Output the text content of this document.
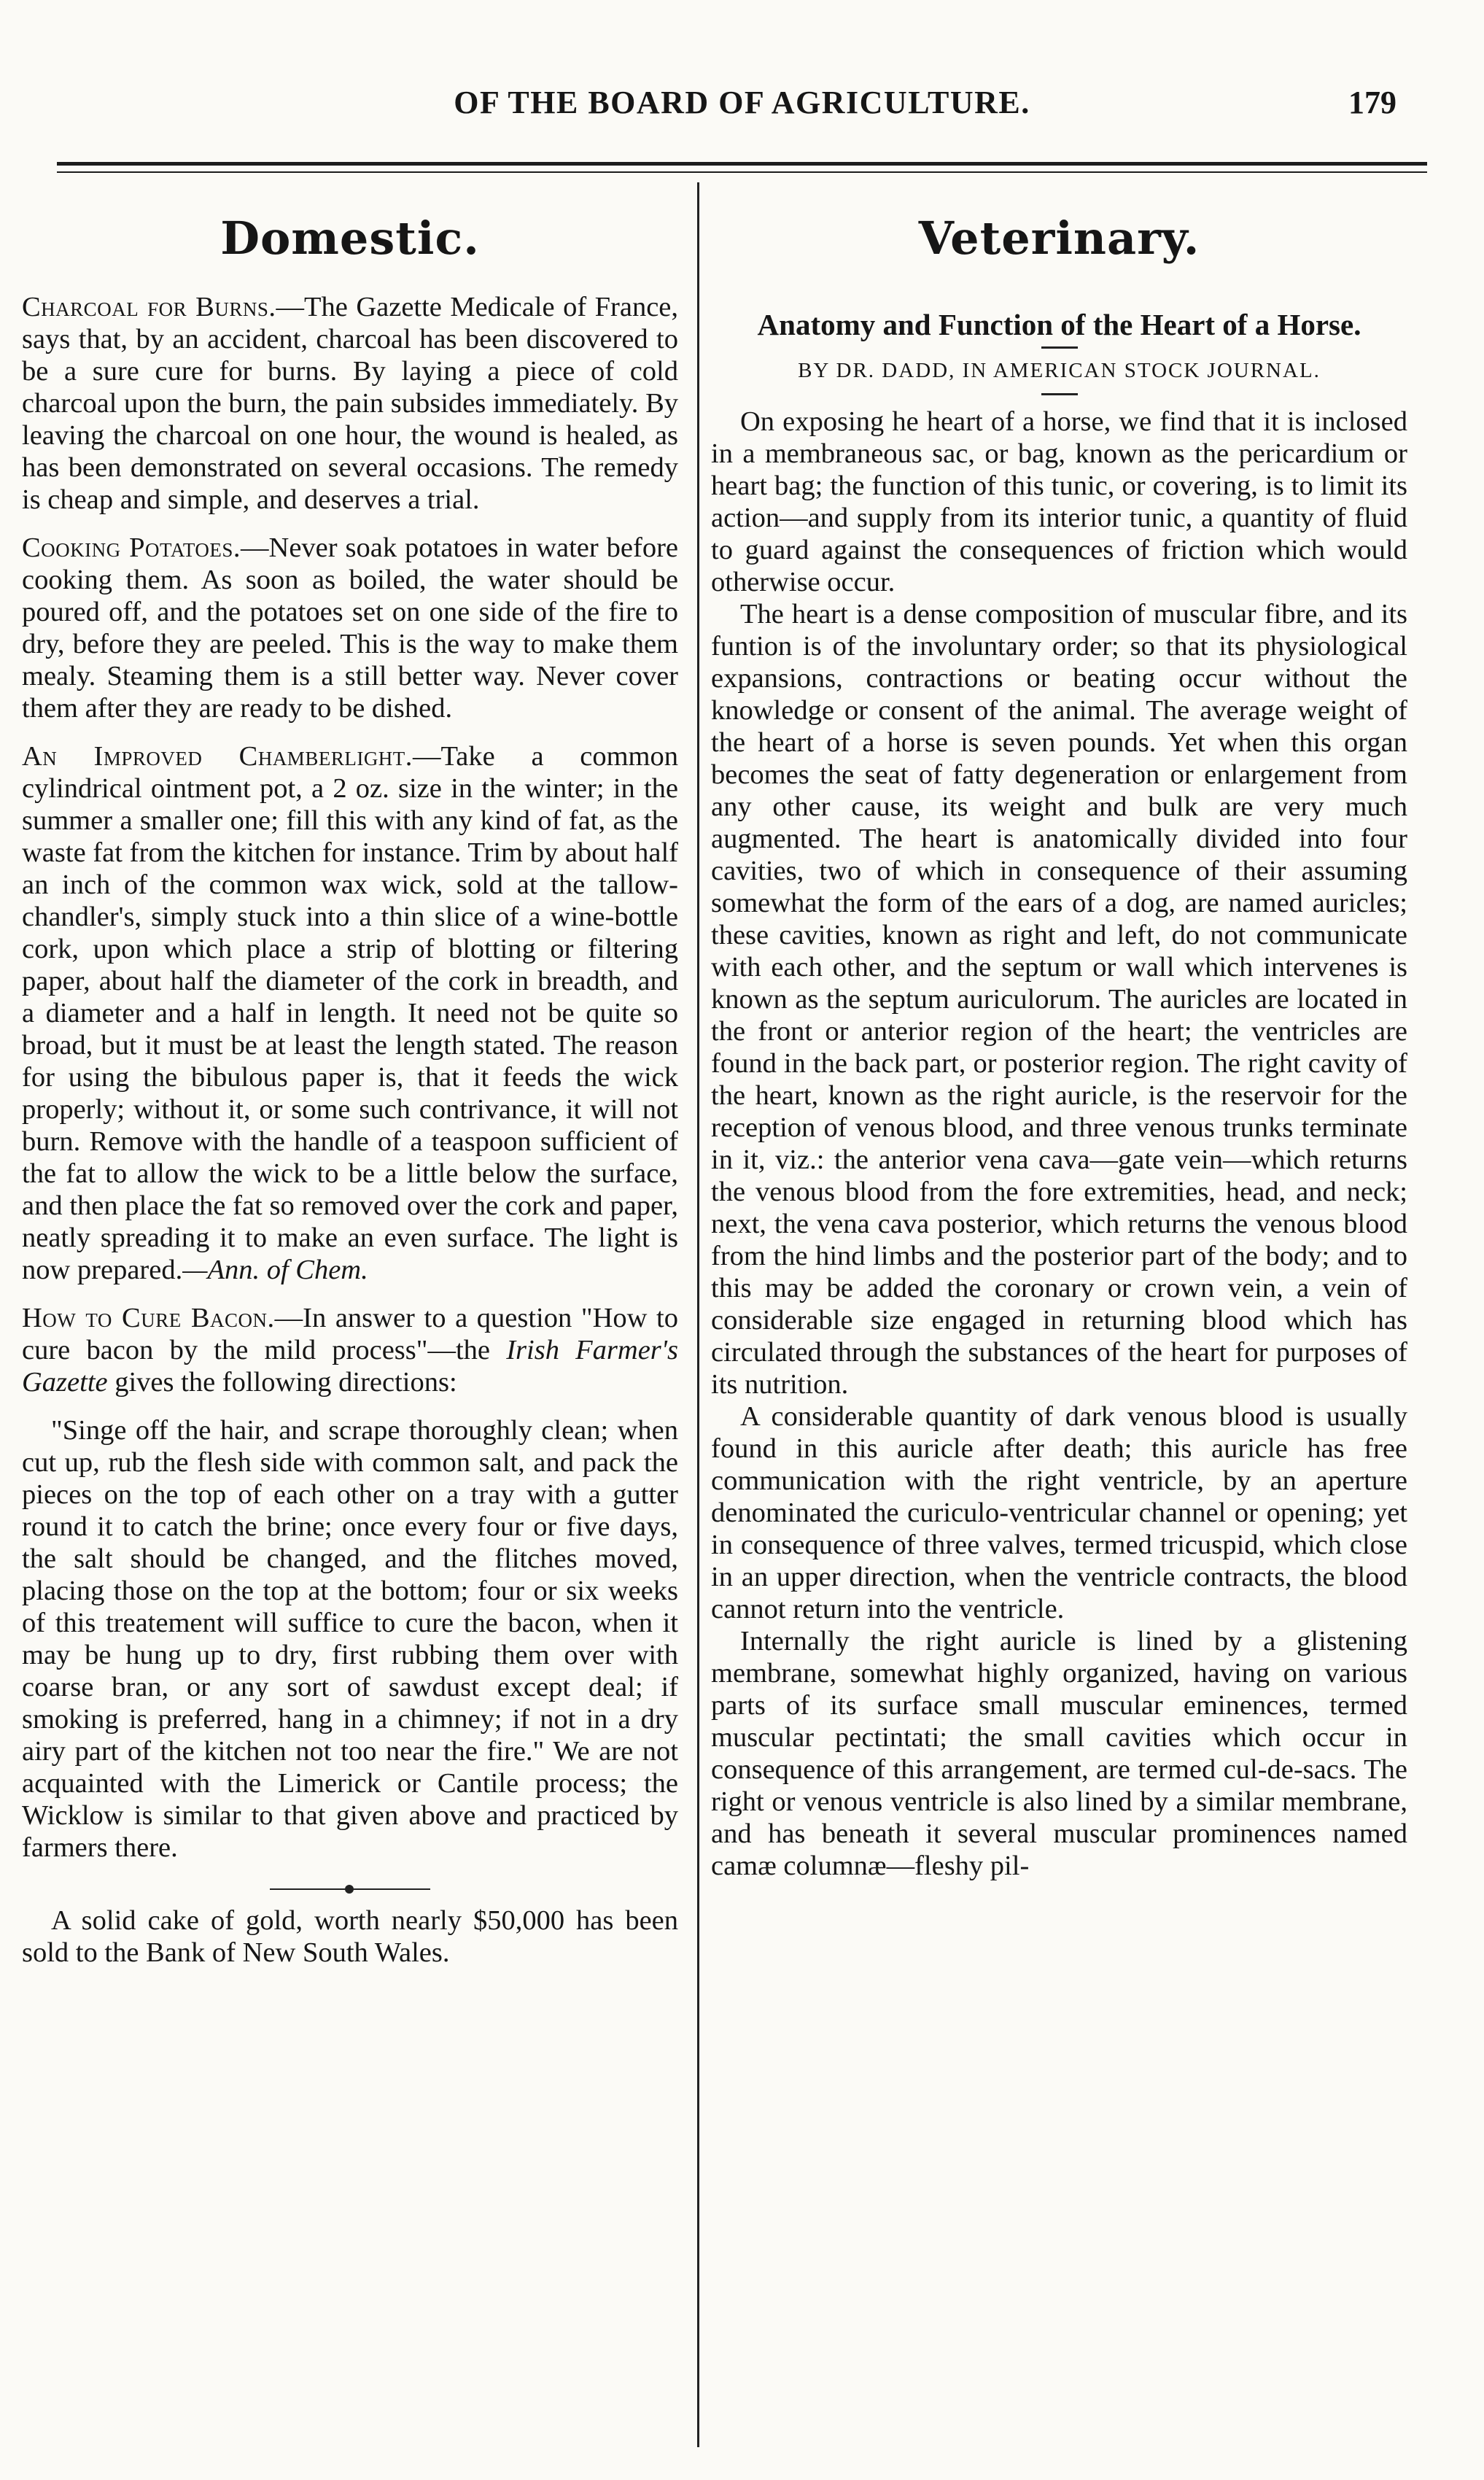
OF THE BOARD OF AGRICULTURE.	179
Domestic.

Charcoal for Burns.—The Gazette Medicale of France, says that, by an accident, charcoal has been discovered to be a sure cure for burns. By laying a piece of cold charcoal upon the burn, the pain subsides immediately. By leaving the charcoal on one hour, the wound is healed, as has been demonstrated on several occasions. The remedy is cheap and simple, and deserves a trial.

Cooking Potatoes.—Never soak potatoes in water before cooking them. As soon as boiled, the water should be poured off, and the potatoes set on one side of the fire to dry, before they are peeled. This is the way to make them mealy. Steaming them is a still better way. Never cover them after they are ready to be dished.

An Improved Chamberlight.—Take a common cylindrical ointment pot, a 2 oz. size in the winter; in the summer a smaller one; fill this with any kind of fat, as the waste fat from the kitchen for instance. Trim by about half an inch of the common wax wick, sold at the tallow-chandler's, simply stuck into a thin slice of a wine-bottle cork, upon which place a strip of blotting or filtering paper, about half the diameter of the cork in breadth, and a diameter and a half in length. It need not be quite so broad, but it must be at least the length stated. The reason for using the bibulous paper is, that it feeds the wick properly; without it, or some such contrivance, it will not burn. Remove with the handle of a teaspoon sufficient of the fat to allow the wick to be a little below the surface, and then place the fat so removed over the cork and paper, neatly spreading it to make an even surface. The light is now prepared.—Ann. of Chem.

How to Cure Bacon.—In answer to a question "How to cure bacon by the mild process"—the Irish Farmer's Gazette gives the following directions:

"Singe off the hair, and scrape thoroughly clean; when cut up, rub the flesh side with common salt, and pack the pieces on the top of each other on a tray with a gutter round it to catch the brine; once every four or five days, the salt should be changed, and the flitches moved, placing those on the top at the bottom; four or six weeks of this treatement will suffice to cure the bacon, when it may be hung up to dry, first rubbing them over with coarse bran, or any sort of sawdust except deal; if smoking is preferred, hang in a chimney; if not in a dry airy part of the kitchen not too near the fire." We are not acquainted with the Limerick or Cantile process; the Wicklow is similar to that given above and practiced by farmers there.

A solid cake of gold, worth nearly $50,000 has been sold to the Bank of New South Wales.

Veterinary.
Anatomy and Function of the Heart of a Horse.
BY DR. DADD, IN AMERICAN STOCK JOURNAL.

On exposing he heart of a horse, we find that it is inclosed in a membraneous sac, or bag, known as the pericardium or heart bag; the function of this tunic, or covering, is to limit its action—and supply from its interior tunic, a quantity of fluid to guard against the consequences of friction which would otherwise occur.

The heart is a dense composition of muscular fibre, and its funtion is of the involuntary order; so that its physiological expansions, contractions or beating occur without the knowledge or consent of the animal. The average weight of the heart of a horse is seven pounds. Yet when this organ becomes the seat of fatty degeneration or enlargement from any other cause, its weight and bulk are very much augmented. The heart is anatomically divided into four cavities, two of which in consequence of their assuming somewhat the form of the ears of a dog, are named auricles; these cavities, known as right and left, do not communicate with each other, and the septum or wall which intervenes is known as the septum auriculorum. The auricles are located in the front or anterior region of the heart; the ventricles are found in the back part, or posterior region. The right cavity of the heart, known as the right auricle, is the reservoir for the reception of venous blood, and three venous trunks terminate in it, viz.: the anterior vena cava—gate vein—which returns the venous blood from the fore extremities, head, and neck; next, the vena cava posterior, which returns the venous blood from the hind limbs and the posterior part of the body; and to this may be added the coronary or crown vein, a vein of considerable size engaged in returning blood which has circulated through the substances of the heart for purposes of its nutrition.

A considerable quantity of dark venous blood is usually found in this auricle after death; this auricle has free communication with the right ventricle, by an aperture denominated the curiculo-ventricular channel or opening; yet in consequence of three valves, termed tricuspid, which close in an upper direction, when the ventricle contracts, the blood cannot return into the ventricle.

Internally the right auricle is lined by a glistening membrane, somewhat highly organized, having on various parts of its surface small muscular eminences, termed muscular pectintati; the small cavities which occur in consequence of this arrangement, are termed cul-de-sacs. The right or venous ventricle is also lined by a similar membrane, and has beneath it several muscular prominences named camæ columnæ—fleshy pil-
